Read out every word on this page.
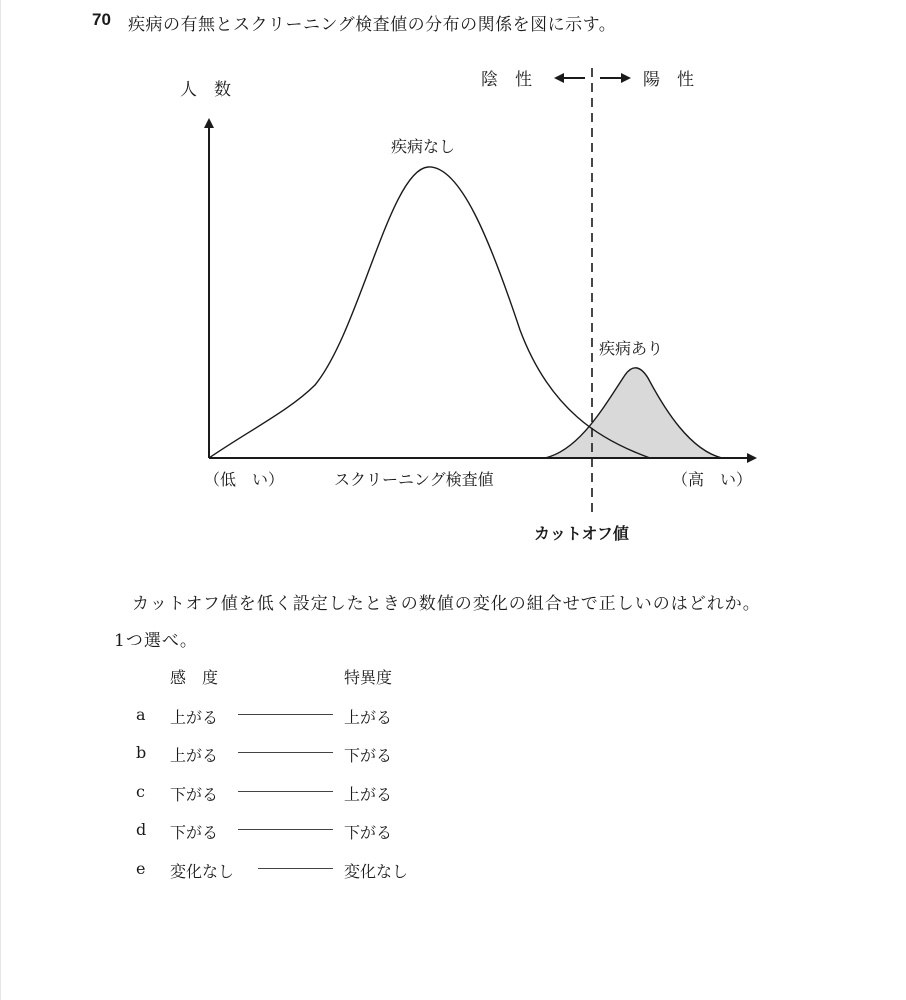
70 疾病の有無とスクリーニング検査値の分布の関係を図に示す。
人　数	陰　性	陽　性
疾病なし
疾病あり
（低　い）	スクリーニング検査値	（高　い）
カットオフ値
カットオフ値を低く設定したときの数値の変化の組合せで正しいのはどれか。
1つ選べ。
感　度	特異度
a 上がる	上がる
b 上がる	下がる
c 下がる	上がる
d 下がる	下がる
e 変化なし	変化なし
